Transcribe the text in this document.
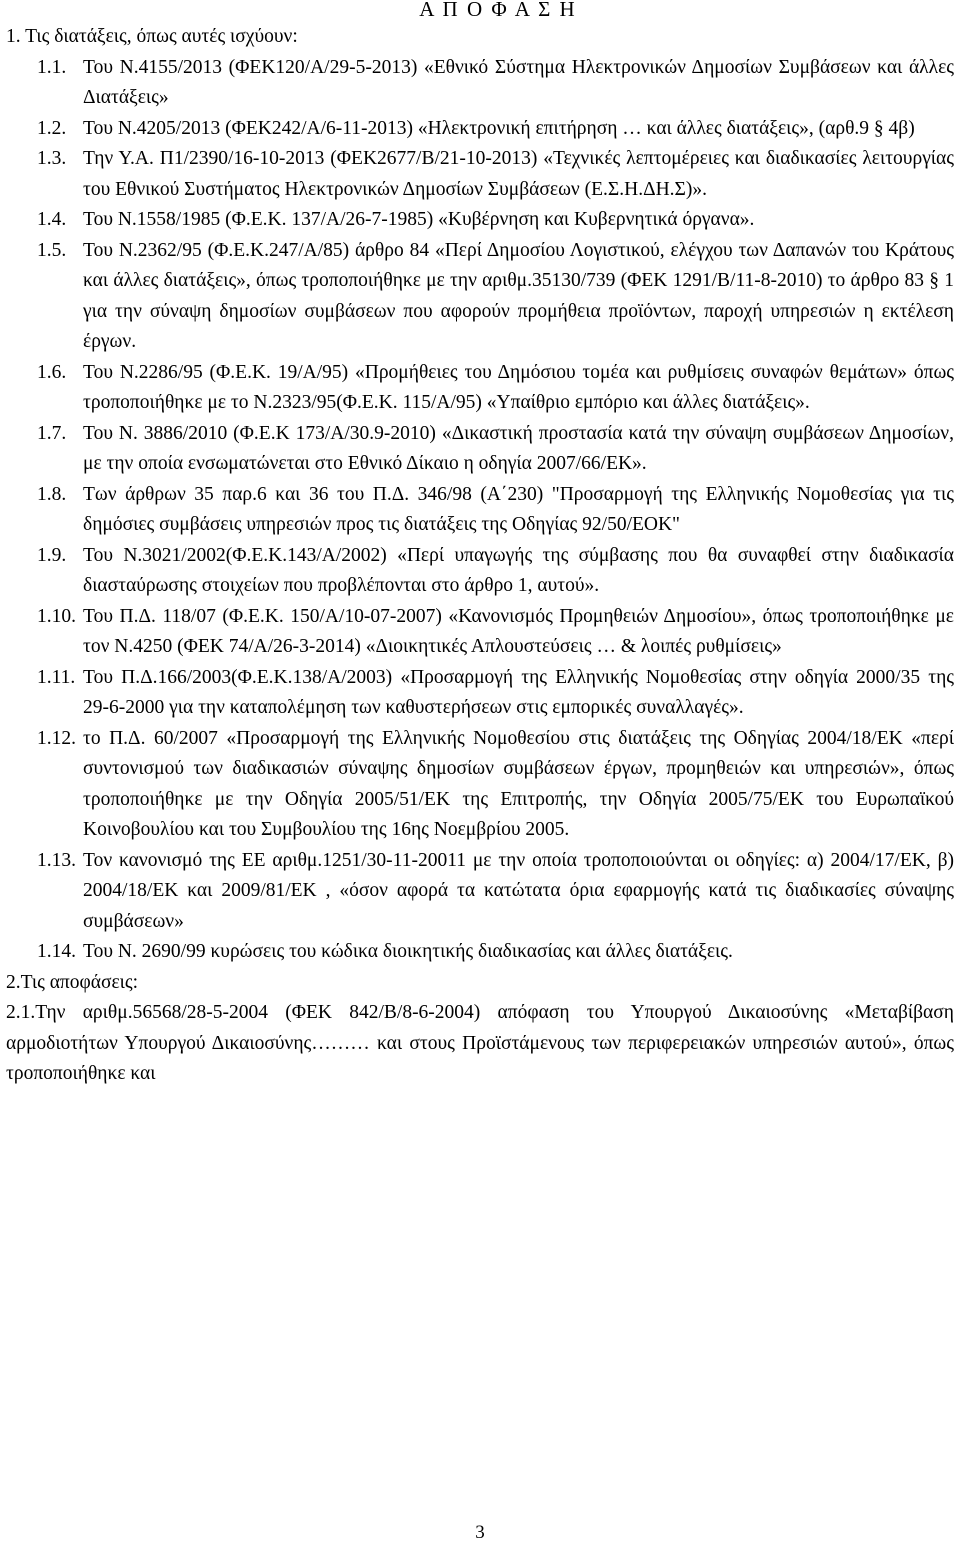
Α Π Ο Φ Α Σ Η
1. Τις διατάξεις, όπως αυτές ισχύουν:
1.1. Του Ν.4155/2013 (ΦΕΚ120/Α/29-5-2013) «Εθνικό Σύστημα Ηλεκτρονικών Δημοσίων Συμβάσεων και άλλες Διατάξεις»
1.2. Του Ν.4205/2013 (ΦΕΚ242/Α/6-11-2013) «Ηλεκτρονική επιτήρηση … και άλλες διατάξεις», (αρθ.9 § 4β)
1.3. Την Υ.Α. Π1/2390/16-10-2013 (ΦΕΚ2677/Β/21-10-2013) «Τεχνικές λεπτομέρειες και διαδικασίες λειτουργίας του Εθνικού Συστήματος Ηλεκτρονικών Δημοσίων Συμβάσεων (Ε.Σ.Η.ΔΗ.Σ)».
1.4. Του Ν.1558/1985 (Φ.Ε.Κ. 137/Α/26-7-1985) «Κυβέρνηση και Κυβερνητικά όργανα».
1.5. Του Ν.2362/95 (Φ.Ε.Κ.247/Α/85) άρθρο 84 «Περί Δημοσίου Λογιστικού, ελέγχου των Δαπανών του Κράτους και άλλες διατάξεις», όπως τροποποιήθηκε με την αριθμ.35130/739 (ΦΕΚ 1291/Β/11-8-2010) το άρθρο 83 § 1 για την σύναψη δημοσίων συμβάσεων που αφορούν προμήθεια προϊόντων, παροχή υπηρεσιών η εκτέλεση έργων.
1.6. Του Ν.2286/95 (Φ.Ε.Κ. 19/Α/95) «Προμήθειες του Δημόσιου τομέα και ρυθμίσεις συναφών θεμάτων» όπως τροποποιήθηκε με το Ν.2323/95(Φ.Ε.Κ. 115/Α/95) «Υπαίθριο εμπόριο και άλλες διατάξεις».
1.7. Του Ν. 3886/2010 (Φ.Ε.Κ 173/Α/30.9-2010) «Δικαστική προστασία κατά την σύναψη συμβάσεων Δημοσίων, με την οποία ενσωματώνεται στο Εθνικό Δίκαιο η οδηγία 2007/66/ΕΚ».
1.8. Των άρθρων 35 παρ.6 και 36 του Π.Δ. 346/98 (Α΄230) "Προσαρμογή της Ελληνικής Νομοθεσίας για τις δημόσιες συμβάσεις υπηρεσιών προς τις διατάξεις της Οδηγίας 92/50/ΕΟΚ"
1.9. Του Ν.3021/2002(Φ.Ε.Κ.143/Α/2002) «Περί υπαγωγής της σύμβασης που θα συναφθεί στην διαδικασία διασταύρωσης στοιχείων που προβλέπονται στο άρθρο 1, αυτού».
1.10. Του Π.Δ. 118/07 (Φ.Ε.Κ. 150/Α/10-07-2007) «Κανονισμός Προμηθειών Δημοσίου», όπως τροποποιήθηκε με τον Ν.4250 (ΦΕΚ 74/Α/26-3-2014) «Διοικητικές Απλουστεύσεις … & λοιπές ρυθμίσεις»
1.11. Του Π.Δ.166/2003(Φ.Ε.Κ.138/Α/2003) «Προσαρμογή της Ελληνικής Νομοθεσίας στην οδηγία 2000/35 της 29-6-2000 για την καταπολέμηση των καθυστερήσεων στις εμπορικές συναλλαγές».
1.12. το Π.Δ. 60/2007 «Προσαρμογή της Ελληνικής Νομοθεσίου στις διατάξεις της Οδηγίας 2004/18/ΕΚ «περί συντονισμού των διαδικασιών σύναψης δημοσίων συμβάσεων έργων, προμηθειών και υπηρεσιών», όπως τροποποιήθηκε με την Οδηγία 2005/51/ΕΚ της Επιτροπής, την Οδηγία 2005/75/ΕΚ του Ευρωπαϊκού Κοινοβουλίου και του Συμβουλίου της 16ης Νοεμβρίου 2005.
1.13. Τον κανονισμό της ΕΕ αριθμ.1251/30-11-20011 με την οποία τροποποιούνται οι οδηγίες: α) 2004/17/ΕΚ, β) 2004/18/ΕΚ και 2009/81/ΕΚ , «όσον αφορά τα κατώτατα όρια εφαρμογής κατά τις διαδικασίες σύναψης συμβάσεων»
1.14. Του Ν. 2690/99 κυρώσεις του κώδικα διοικητικής διαδικασίας και άλλες διατάξεις.
2.Τις αποφάσεις:
2.1.Την αριθμ.56568/28-5-2004 (ΦΕΚ 842/Β/8-6-2004) απόφαση του Υπουργού Δικαιοσύνης «Μεταβίβαση αρμοδιοτήτων Υπουργού Δικαιοσύνης……… και στους Προϊστάμενους των περιφερειακών υπηρεσιών αυτού», όπως τροποποιήθηκε και
3
